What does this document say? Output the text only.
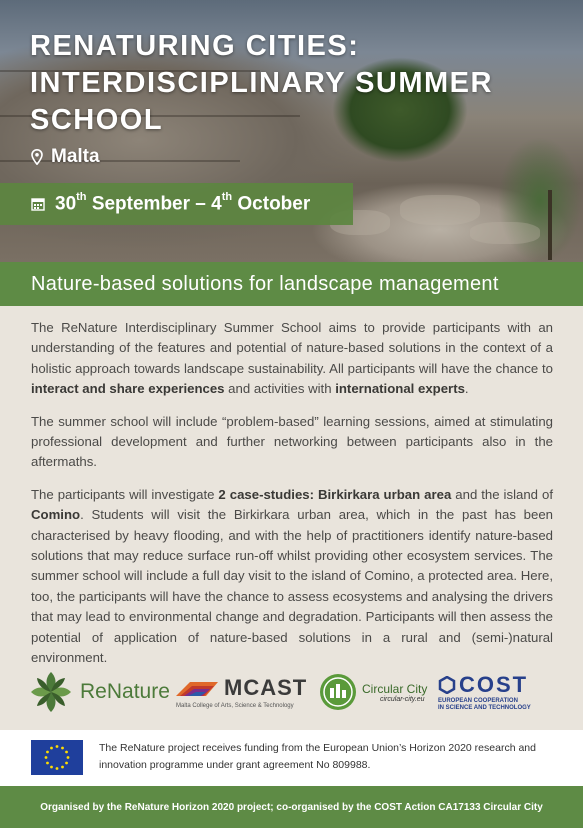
RENATURING CITIES:
INTERDISCIPLINARY SUMMER
SCHOOL
Malta
30th September – 4th October
Nature-based solutions for landscape management

The ReNature Interdisciplinary Summer School aims to provide participants with an understanding of the features and potential of nature-based solutions in the context of a holistic approach towards landscape sustainability. All participants will have the chance to interact and share experiences and activities with international experts.

The summer school will include “problem-based” learning sessions, aimed at stimulating professional development and further networking between participants also in the aftermaths.

The participants will investigate 2 case-studies: Birkirkara urban area and the island of Comino. Students will visit the Birkirkara urban area, which in the past has been characterised by heavy flooding, and with the help of practitioners identify nature-based solutions that may reduce surface run-off whilst providing other ecosystem services. The summer school will include a full day visit to the island of Comino, a protected area. Here, too, the participants will have the chance to assess ecosystems and analysing the drivers that may lead to environmental change and degradation. Participants will then assess the potential of application of nature-based solutions in a rural and (semi-)natural environment.

ReNature MCAST
Malta College of Arts, Science & Technology
Circular City
circular-city.eu
COST
EUROPEAN COOPERATION
IN SCIENCE AND TECHNOLOGY
The ReNature project receives funding from the European Union’s Horizon 2020 research and innovation programme under grant agreement No 809988.
Organised by the ReNature Horizon 2020 project; co-organised by the COST Action CA17133 Circular City
